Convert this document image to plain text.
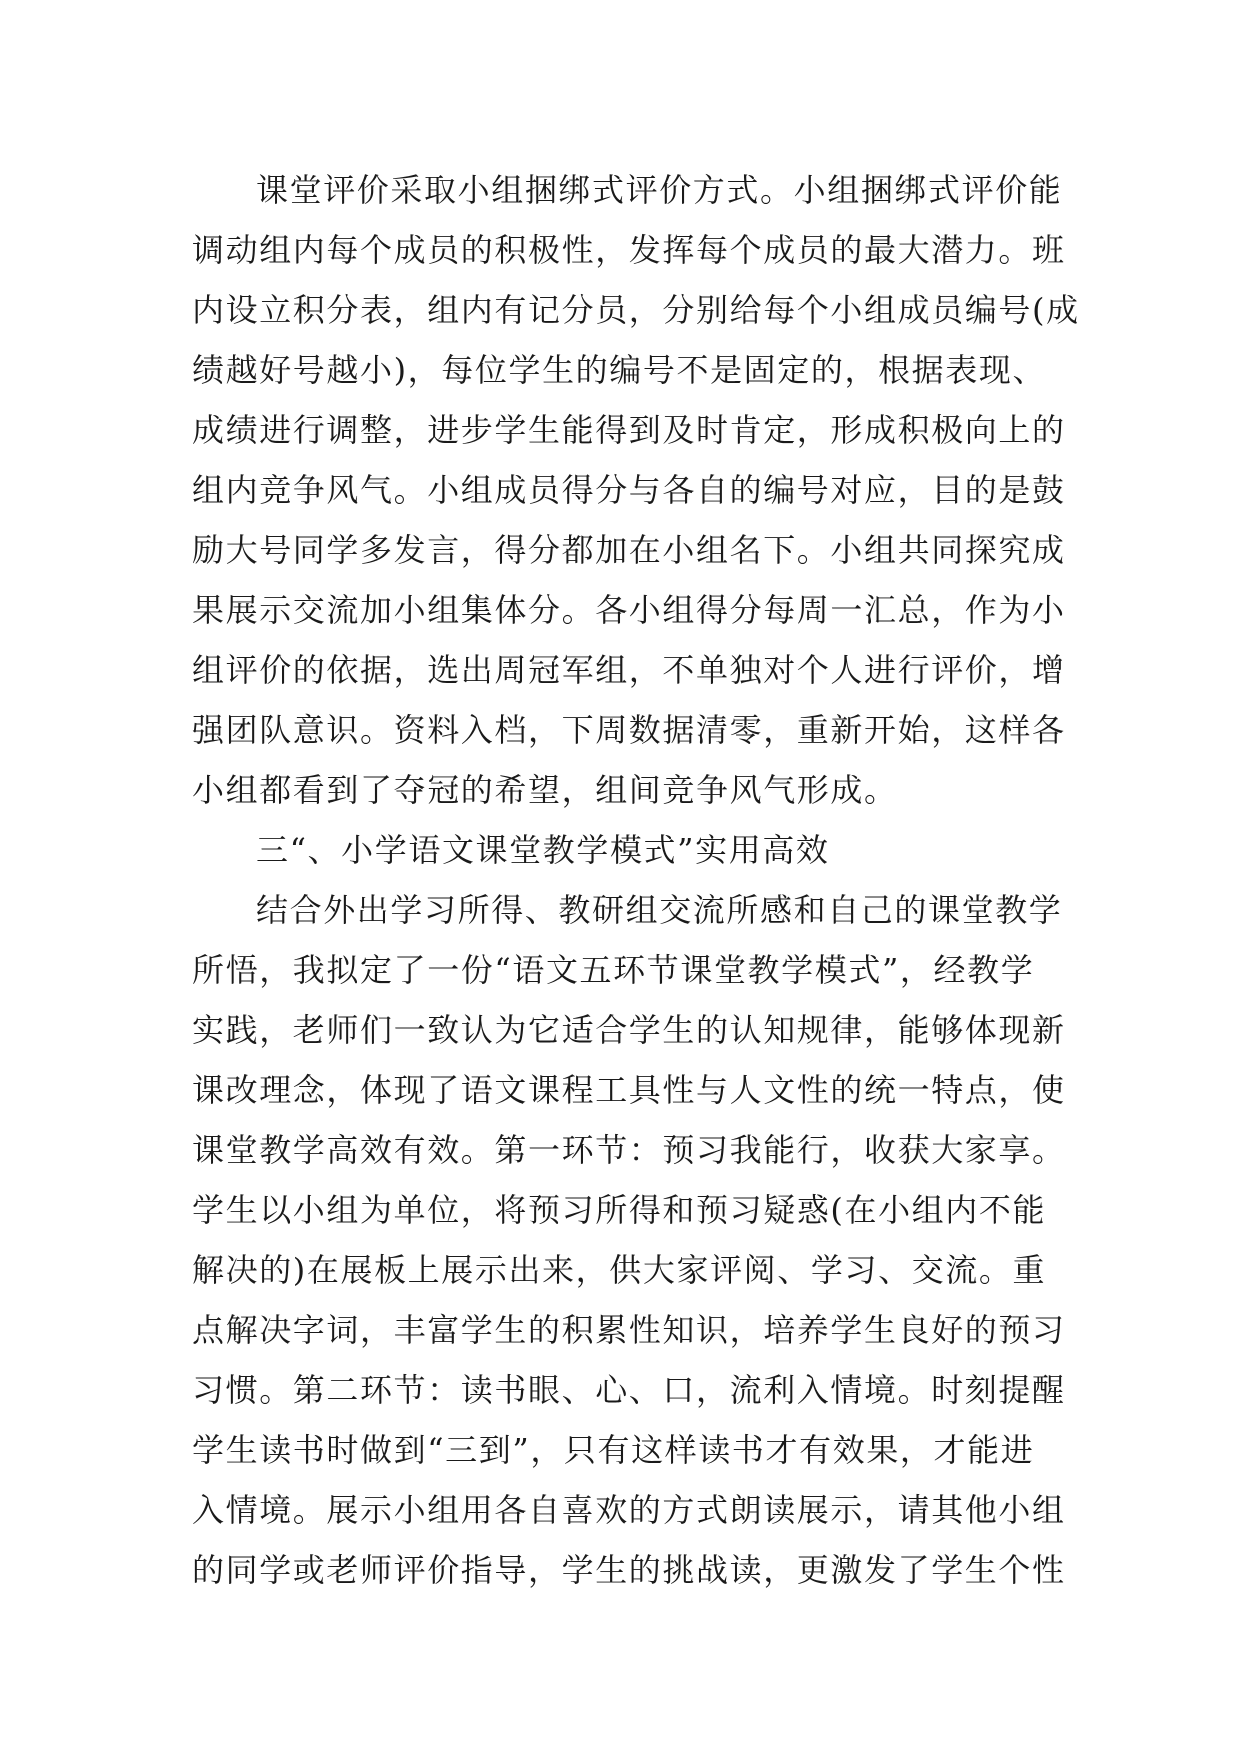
课堂评价采取小组捆绑式评价方式。小组捆绑式评价能
调动组内每个成员的积极性，发挥每个成员的最大潜力。班
内设立积分表，组内有记分员，分别给每个小组成员编号(成
绩越好号越小)，每位学生的编号不是固定的，根据表现、
成绩进行调整，进步学生能得到及时肯定，形成积极向上的
组内竞争风气。小组成员得分与各自的编号对应，目的是鼓
励大号同学多发言，得分都加在小组名下。小组共同探究成
果展示交流加小组集体分。各小组得分每周一汇总，作为小
组评价的依据，选出周冠军组，不单独对个人进行评价，增
强团队意识。资料入档，下周数据清零，重新开始，这样各
小组都看到了夺冠的希望，组间竞争风气形成。
三“、小学语文课堂教学模式”实用高效
结合外出学习所得、教研组交流所感和自己的课堂教学
所悟，我拟定了一份“语文五环节课堂教学模式”，经教学
实践，老师们一致认为它适合学生的认知规律，能够体现新
课改理念，体现了语文课程工具性与人文性的统一特点，使
课堂教学高效有效。第一环节：预习我能行，收获大家享。
学生以小组为单位，将预习所得和预习疑惑(在小组内不能
解决的)在展板上展示出来，供大家评阅、学习、交流。重
点解决字词，丰富学生的积累性知识，培养学生良好的预习
习惯。第二环节：读书眼、心、口，流利入情境。时刻提醒
学生读书时做到“三到”，只有这样读书才有效果，才能进
入情境。展示小组用各自喜欢的方式朗读展示，请其他小组
的同学或老师评价指导，学生的挑战读，更激发了学生个性
